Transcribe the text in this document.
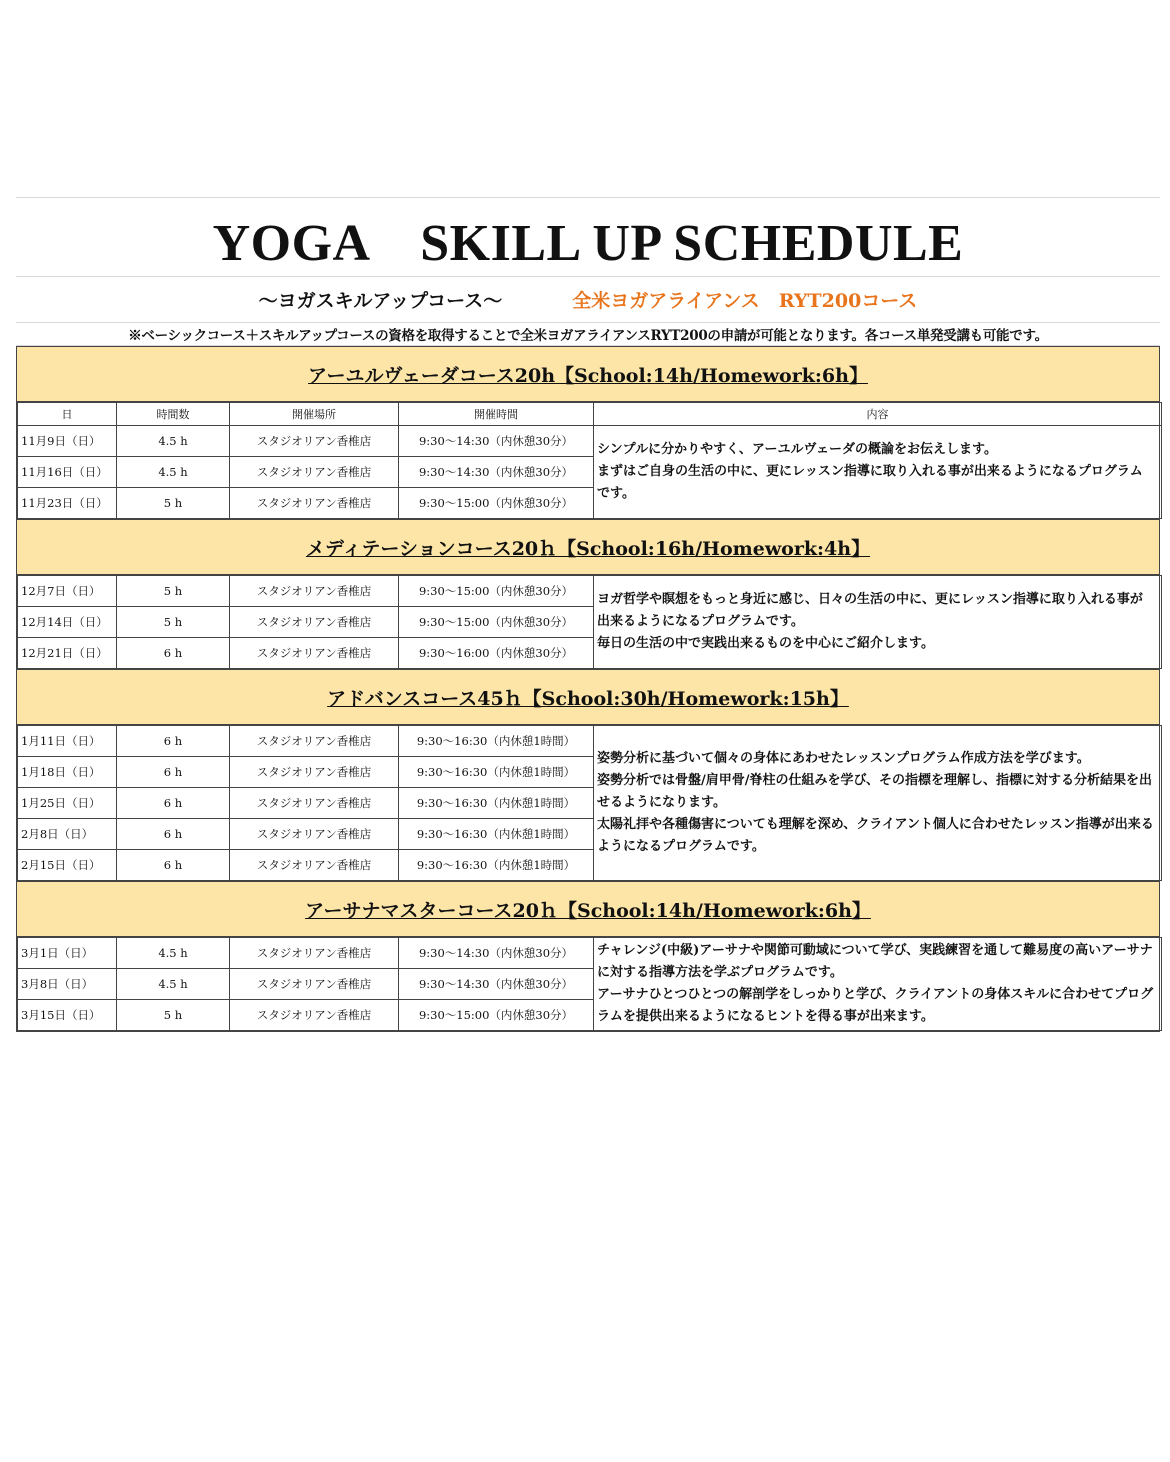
YOGA　SKILL UP SCHEDULE
〜ヨガスキルアップコース〜	全米ヨガアライアンス　RYT200コース
※ベーシックコース＋スキルアップコースの資格を取得することで全米ヨガアライアンスRYT200の申請が可能となります。各コース単発受講も可能です。
アーユルヴェーダコース20h【School:14h/Homework:6h】
日	時間数	開催場所	開催時間	内容
11月9日（日）	4.5 h	スタジオリアン香椎店	9:30〜14:30（内休憩30分）	シンプルに分かりやすく、アーユルヴェーダの概論をお伝えします。
まずはご自身の生活の中に、更にレッスン指導に取り入れる事が出来るようになるプログラムです。

11月16日（日）	4.5 h	スタジオリアン香椎店	9:30〜14:30（内休憩30分）	
11月23日（日）	5 h	スタジオリアン香椎店	9:30〜15:00（内休憩30分）	
メディテーションコース20ｈ【School:16h/Homework:4h】
12月7日（日）	5 h	スタジオリアン香椎店	9:30〜15:00（内休憩30分）	ヨガ哲学や瞑想をもっと身近に感じ、日々の生活の中に、更にレッスン指導に取り入れる事が出来るようになるプログラムです。
毎日の生活の中で実践出来るものを中心にご紹介します。

12月14日（日）	5 h	スタジオリアン香椎店	9:30〜15:00（内休憩30分）	
12月21日（日）	6 h	スタジオリアン香椎店	9:30〜16:00（内休憩30分）	
アドバンスコース45ｈ【School:30h/Homework:15h】
1月11日（日）	6 h	スタジオリアン香椎店	9:30〜16:30（内休憩1時間）	姿勢分析に基づいて個々の身体にあわせたレッスンプログラム作成方法を学びます。
姿勢分析では骨盤/肩甲骨/脊柱の仕組みを学び、その指標を理解し、指標に対する分析結果を出せるようになります。
太陽礼拝や各種傷害についても理解を深め、クライアント個人に合わせたレッスン指導が出来るようになるプログラムです。

1月18日（日）	6 h	スタジオリアン香椎店	9:30〜16:30（内休憩1時間）	
1月25日（日）	6 h	スタジオリアン香椎店	9:30〜16:30（内休憩1時間）	
2月8日（日）	6 h	スタジオリアン香椎店	9:30〜16:30（内休憩1時間）	
2月15日（日）	6 h	スタジオリアン香椎店	9:30〜16:30（内休憩1時間）	
アーサナマスターコース20ｈ【School:14h/Homework:6h】
3月1日（日）	4.5 h	スタジオリアン香椎店	9:30〜14:30（内休憩30分）	チャレンジ(中級)アーサナや関節可動域について学び、実践練習を通して難易度の高いアーサナに対する指導方法を学ぶプログラムです。
アーサナひとつひとつの解剖学をしっかりと学び、クライアントの身体スキルに合わせてプログラムを提供出来るようになるヒントを得る事が出来ます。

3月8日（日）	4.5 h	スタジオリアン香椎店	9:30〜14:30（内休憩30分）	
3月15日（日）	5 h	スタジオリアン香椎店	9:30〜15:00（内休憩30分）	
